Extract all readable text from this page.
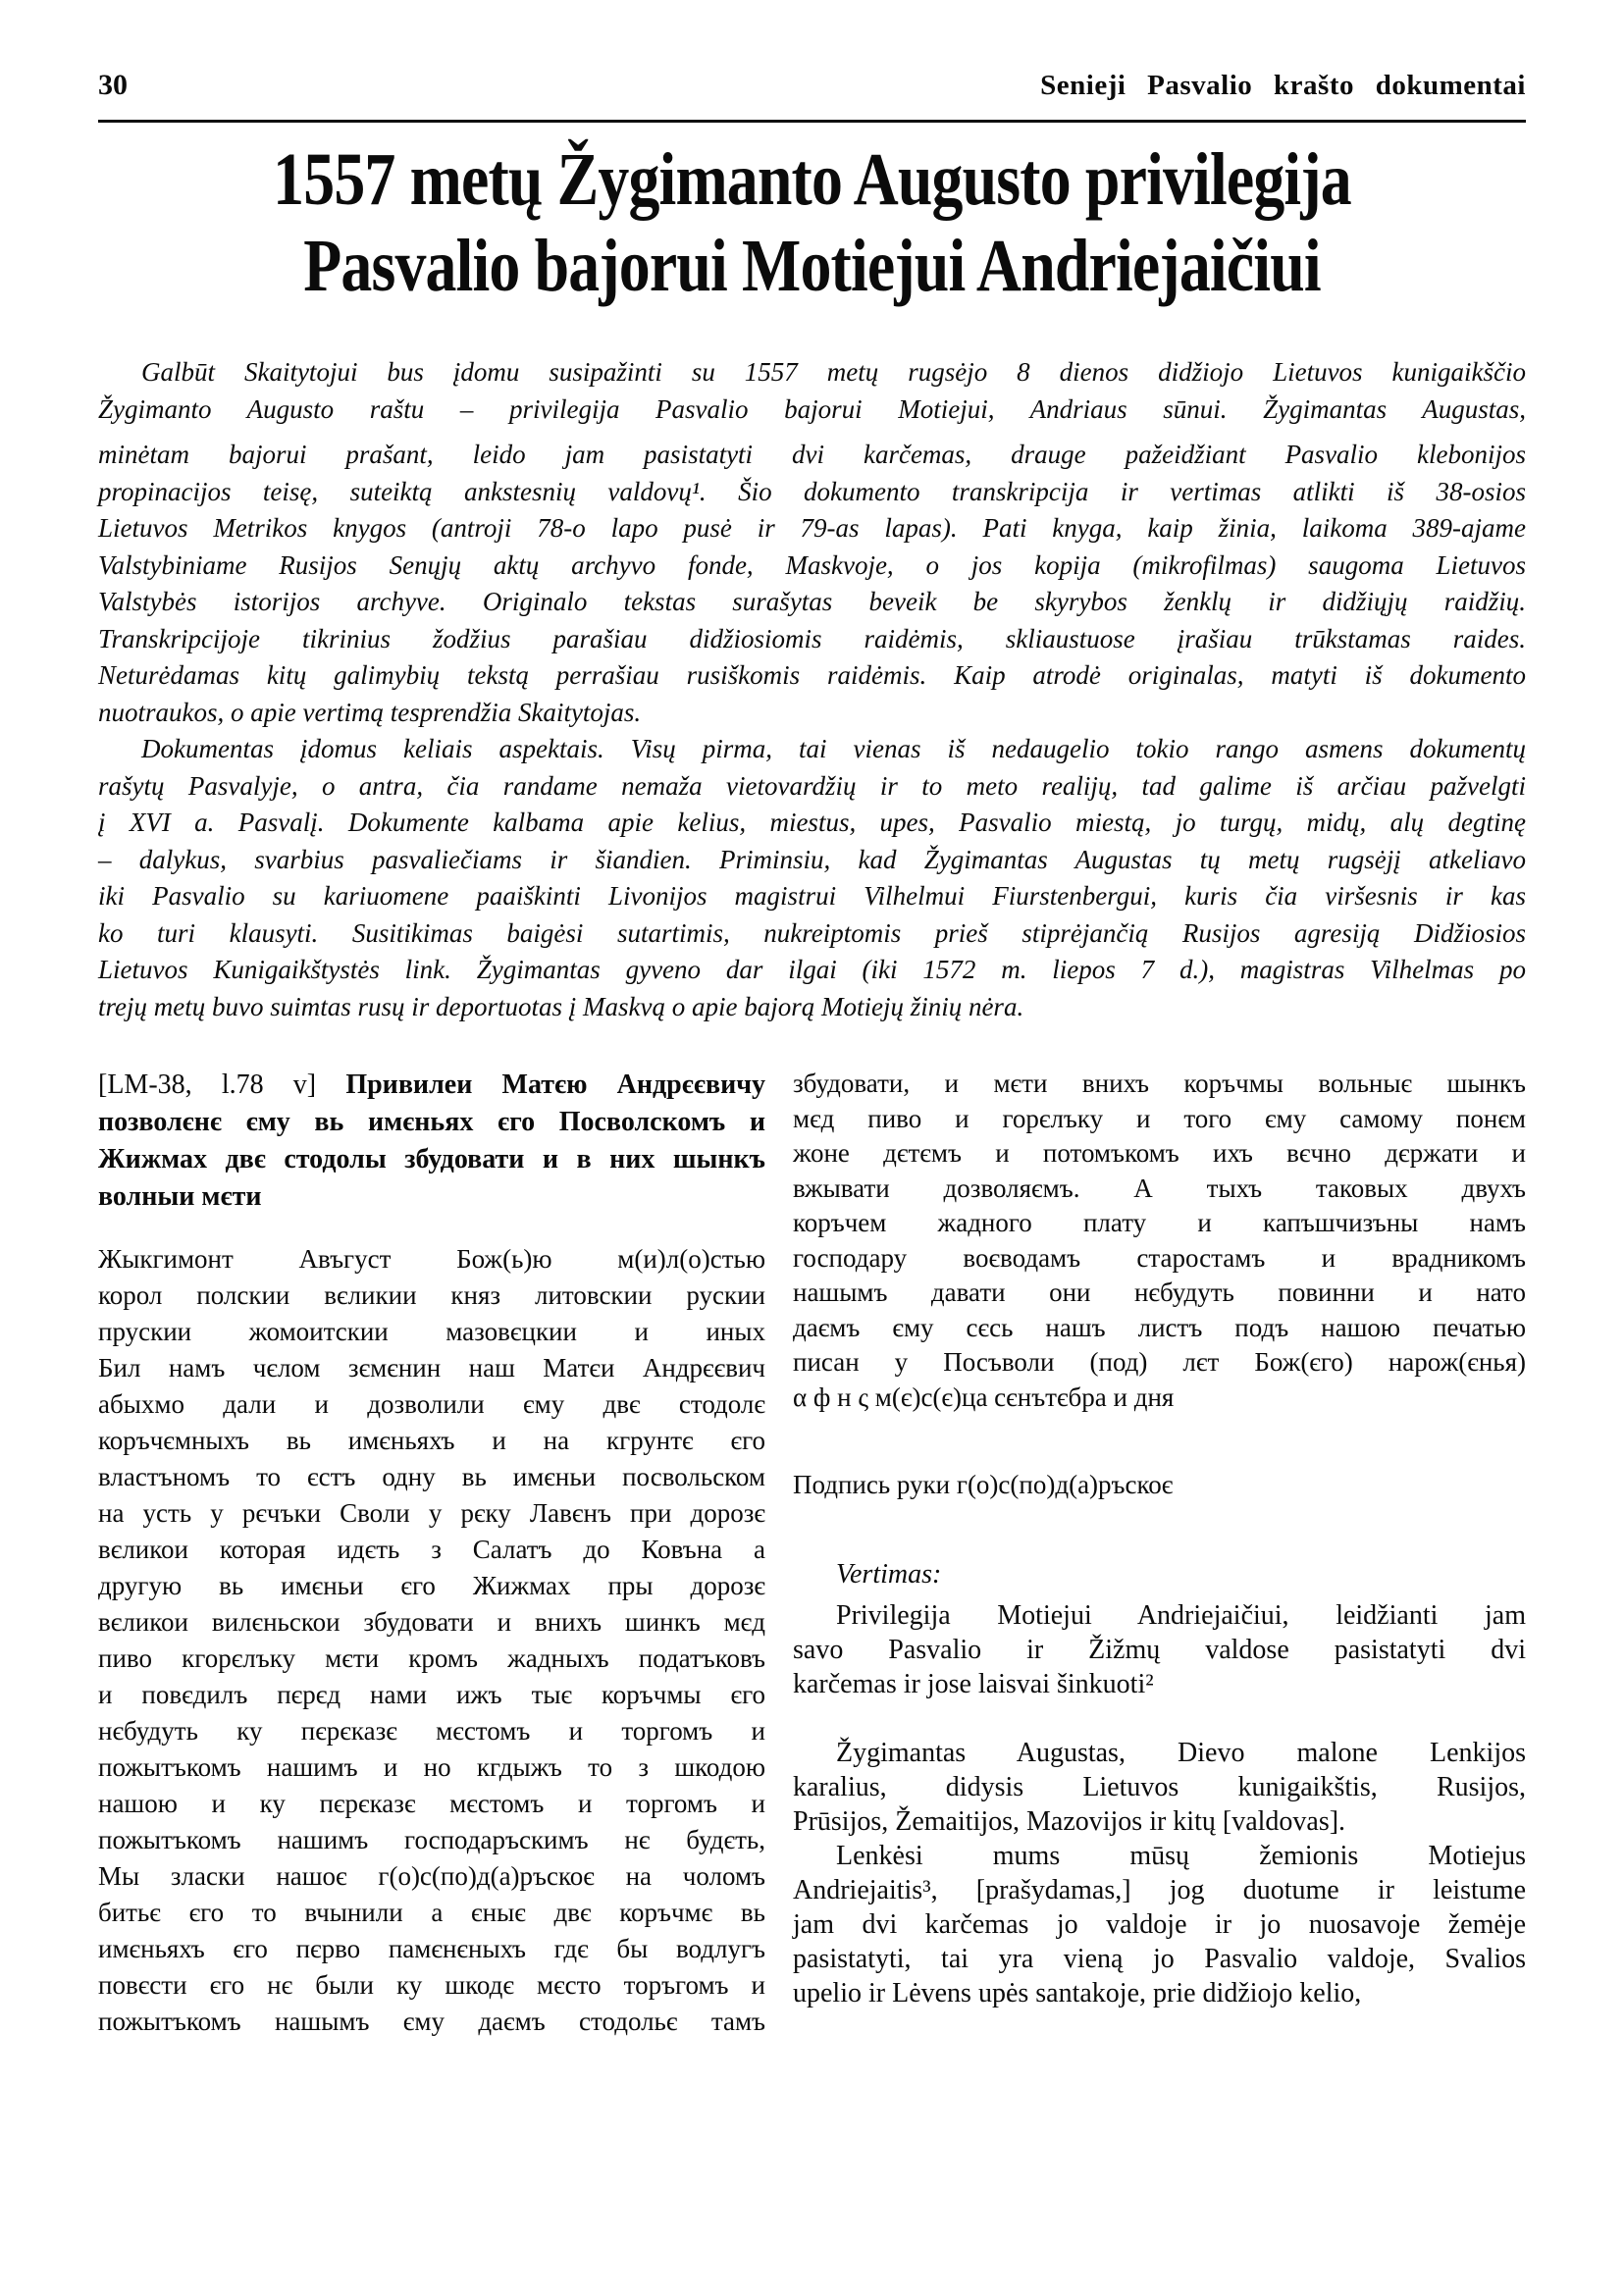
30	Senieji Pasvalio krašto dokumentai
1557 metų Žygimanto Augusto privilegija
Pasvalio bajorui Motiejui Andriejaičiui
Galbūt Skaitytojui bus įdomu susipažinti su 1557 metų rugsėjo 8 dienos didžiojo Lietuvos kunigaikščio
Žygimanto Augusto raštu – privilegija Pasvalio bajorui Motiejui, Andriaus sūnui. Žygimantas Augustas,
minėtam bajorui prašant, leido jam pasistatyti dvi karčemas, drauge pažeidžiant Pasvalio klebonijos
propinacijos teisę, suteiktą ankstesnių valdovų¹. Šio dokumento transkripcija ir vertimas atlikti iš 38-osios
Lietuvos Metrikos knygos (antroji 78-o lapo pusė ir 79-as lapas). Pati knyga, kaip žinia, laikoma 389-ajame
Valstybiniame Rusijos Senųjų aktų archyvo fonde, Maskvoje, o jos kopija (mikrofilmas) saugoma Lietuvos
Valstybės istorijos archyve. Originalo tekstas surašytas beveik be skyrybos ženklų ir didžiųjų raidžių.
Transkripcijoje tikrinius žodžius parašiau didžiosiomis raidėmis, skliaustuose įrašiau trūkstamas raides.
Neturėdamas kitų galimybių tekstą perrašiau rusiškomis raidėmis. Kaip atrodė originalas, matyti iš dokumento
nuotraukos, o apie vertimą tesprendžia Skaitytojas.
Dokumentas įdomus keliais aspektais. Visų pirma, tai vienas iš nedaugelio tokio rango asmens dokumentų
rašytų Pasvalyje, o antra, čia randame nemaža vietovardžių ir to meto realijų, tad galime iš arčiau pažvelgti
į XVI a. Pasvalį. Dokumente kalbama apie kelius, miestus, upes, Pasvalio miestą, jo turgų, midų, alų degtinę
– dalykus, svarbius pasvaliečiams ir šiandien. Priminsiu, kad Žygimantas Augustas tų metų rugsėjį atkeliavo
iki Pasvalio su kariuomene paaiškinti Livonijos magistrui Vilhelmui Fiurstenbergui, kuris čia viršesnis ir kas
ko turi klausyti. Susitikimas baigėsi sutartimis, nukreiptomis prieš stiprėjančią Rusijos agresiją Didžiosios
Lietuvos Kunigaikštystės link. Žygimantas gyveno dar ilgai (iki 1572 m. liepos 7 d.), magistras Vilhelmas po
trejų metų buvo suimtas rusų ir deportuotas į Maskvą o apie bajorą Motiejų žinių nėra.
[LM-38, l.78 v] Привилеи Матєю Андрєєвичу
позволєнє єму вь имєньях єго Посволскомъ и
Жижмах двє стодолы збудовати и в них шынкъ
волныи мєти
Жыкгимонт Авъгуст Бож(ь)ю м(и)л(о)стью
корол полскии вєликии княз литовскии рускии
прускии жомоитскии мазовєцкии и иных
Бил намъ чєлом зємєнин наш Матєи Андрєєвич
абыхмо дали и дозволили єму двє стодолє
коръчємныхъ вь имєньяхъ и на кгрунтє єго
властъномъ то єстъ одну вь имєньи посвольском
на усть у рєчъки Своли у рєку Лавєнъ при дорозє
вєликои которая идєть з Салатъ до Ковъна а
другую вь имєньи єго Жижмах пры дорозє
вєликои вилєньскои збудовати и внихъ шинкъ мєд
пиво кгорєлъку мєти кромъ жадныхъ податъковъ
и повєдилъ пєрєд нами ижъ тыє коръчмы єго
нєбудуть ку пєрєказє мєстомъ и торгомъ и
пожытъкомъ нашимъ и но кгдыжъ то з шкодою
нашою и ку пєрєказє мєстомъ и торгомъ и
пожытъкомъ нашимъ господаръскимъ нє будєть,
Мы зласки нашоє г(о)с(по)д(а)ръскоє на чоломъ
битьє єго то вчынили а єныє двє коръчмє вь
имєньяхъ єго пєрво памєнєныхъ гдє бы водлугъ
повєсти єго нє были ку шкодє мєсто торъгомъ и
пожытъкомъ нашымъ єму даємъ стодольє тамъ
збудовати, и мєти внихъ коръчмы вольныє шынкъ
мєд пиво и горєлъку и того єму самому понєм
жоне дєтємъ и потомъкомъ ихъ вєчно дєржати и
вжывати дозволяємъ. А тыхъ таковых двухъ
коръчем жадного плату и капъшчизъны намъ
господару воєводамъ старостамъ и врадникомъ
нашымъ давати они нєбудуть повинни и нато
даємъ єму сєсь нашъ листъ подъ нашою печатью
писан у Посъволи (под) лєт Бож(єго) нарож(єнья)
α ф н ς м(є)с(є)ца сєнътєбра и дня
Подпись руки г(о)с(по)д(а)ръскоє
Vertimas:
Privilegija Motiejui Andriejaičiui, leidžianti jam
savo Pasvalio ir Žižmų valdose pasistatyti dvi
karčemas ir jose laisvai šinkuoti²
Žygimantas Augustas, Dievo malone Lenkijos
karalius, didysis Lietuvos kunigaikštis, Rusijos,
Prūsijos, Žemaitijos, Mazovijos ir kitų [valdovas].
Lenkėsi mums mūsų žemionis Motiejus
Andriejaitis³, [prašydamas,] jog duotume ir leistume
jam dvi karčemas jo valdoje ir jo nuosavoje žemėje
pasistatyti, tai yra vieną jo Pasvalio valdoje, Svalios
upelio ir Lėvens upės santakoje, prie didžiojo kelio,
